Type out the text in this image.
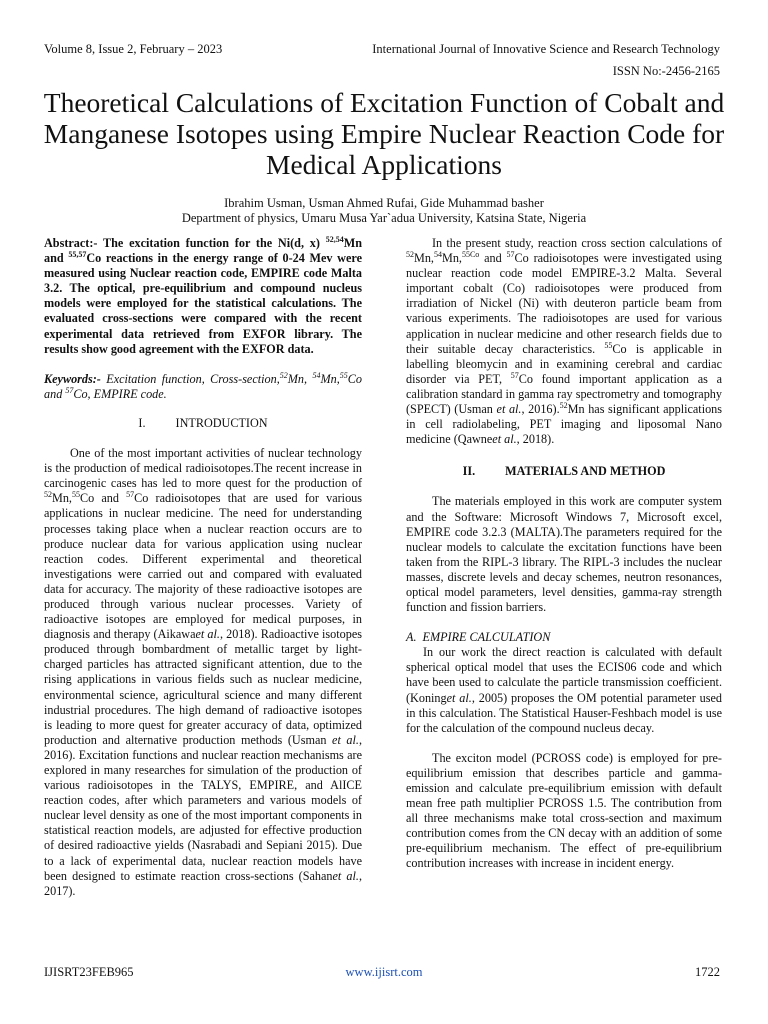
Volume 8, Issue 2, February – 2023	International Journal of Innovative Science and Research Technology
ISSN No:-2456-2165
Theoretical Calculations of Excitation Function of Cobalt and Manganese Isotopes using Empire Nuclear Reaction Code for Medical Applications
Ibrahim Usman, Usman Ahmed Rufai, Gide Muhammad basher
Department of physics, Umaru Musa Yar`adua University, Katsina State, Nigeria

Abstract:- The excitation function for the Ni(d, x) $^{52,54}$Mn and $^{55,57}$Co reactions in the energy range of 0-24 Mev were measured using Nuclear reaction code, EMPIRE code Malta 3.2. The optical, pre-equilibrium and compound nucleus models were employed for the statistical calculations. The evaluated cross-sections were compared with the recent experimental data retrieved from EXFOR library. The results show good agreement with the EXFOR data.

Keywords:- Excitation function, Cross-section,$^{52}$Mn, $^{54}$Mn,$^{55}$Co and $^{57}$Co, EMPIRE code.

I. INTRODUCTION

One of the most important activities of nuclear technology is the production of medical radioisotopes.The recent increase in carcinogenic cases has led to more quest for the production of $^{52}$Mn,$^{55}$Co and $^{57}$Co radioisotopes that are used for various applications in nuclear medicine. The need for understanding processes taking place when a nuclear reaction occurs are to produce nuclear data for various application using nuclear reaction codes. Different experimental and theoretical investigations were carried out and compared with evaluated data for accuracy. The majority of these radioactive isotopes are produced through various nuclear processes. Variety of radioactive isotopes are employed for medical purposes, in diagnosis and therapy (Aikawaet al., 2018). Radioactive isotopes produced through bombardment of metallic target by light- charged particles has attracted significant attention, due to the rising applications in various fields such as nuclear medicine, environmental science, agricultural science and many different industrial procedures. The high demand of radioactive isotopes is leading to more quest for greater accuracy of data, optimized production and alternative production methods (Usman et al., 2016). Excitation functions and nuclear reaction mechanisms are explored in many researches for simulation of the production of various radioisotopes in the TALYS, EMPIRE, and AlICE reaction codes, after which parameters and various models of nuclear level density as one of the most important components in statistical reaction models, are adjusted for effective production of desired radioactive yields (Nasrabadi and Sepiani 2015). Due to a lack of experimental data, nuclear reaction models have been designed to estimate reaction cross-sections (Sahanet al., 2017).

In the present study, reaction cross section calculations of $^{52}$Mn,$^{54}$Mn,$^{55Co}$ and $^{57}$Co radioisotopes were investigated using nuclear reaction code model EMPIRE-3.2 Malta. Several important cobalt (Co) radioisotopes were produced from irradiation of Nickel (Ni) with deuteron particle beam from various experiments. The radioisotopes are used for various application in nuclear medicine and other research fields due to their suitable decay characteristics. $^{55}$Co is applicable in labelling bleomycin and in examining cerebral and cardiac disorder via PET, $^{57}$Co found important application as a calibration standard in gamma ray spectrometry and tomography (SPECT) (Usman et al., 2016).$^{52}$Mn has significant applications in cell radiolabeling, PET imaging and liposomal Nano medicine (Qawneet al., 2018).

II. MATERIALS AND METHOD

The materials employed in this work are computer system and the Software: Microsoft Windows 7, Microsoft excel, EMPIRE code 3.2.3 (MALTA).The parameters required for the nuclear models to calculate the excitation functions have been taken from the RIPL-3 library. The RIPL-3 includes the nuclear masses, discrete levels and decay schemes, neutron resonances, optical model parameters, level densities, gamma-ray strength function and fission barriers.

A. EMPIRE CALCULATION

In our work the direct reaction is calculated with default spherical optical model that uses the ECIS06 code and which have been used to calculate the particle transmission coefficient.(Koninget al., 2005) proposes the OM potential parameter used in this calculation. The Statistical Hauser-Feshbach model is use for the calculation of the compound nucleus decay.

The exciton model (PCROSS code) is employed for pre-equilibrium emission that describes particle and gamma-emission and calculate pre-equilibrium emission with default mean free path multiplier PCROSS 1.5. The contribution from all three mechanisms make total cross-section and maximum contribution comes from the CN decay with an addition of some pre-equilibrium mechanism. The effect of pre-equilibrium contribution increases with increase in incident energy.

IJISRT23FEB965	www.ijisrt.com	1722
